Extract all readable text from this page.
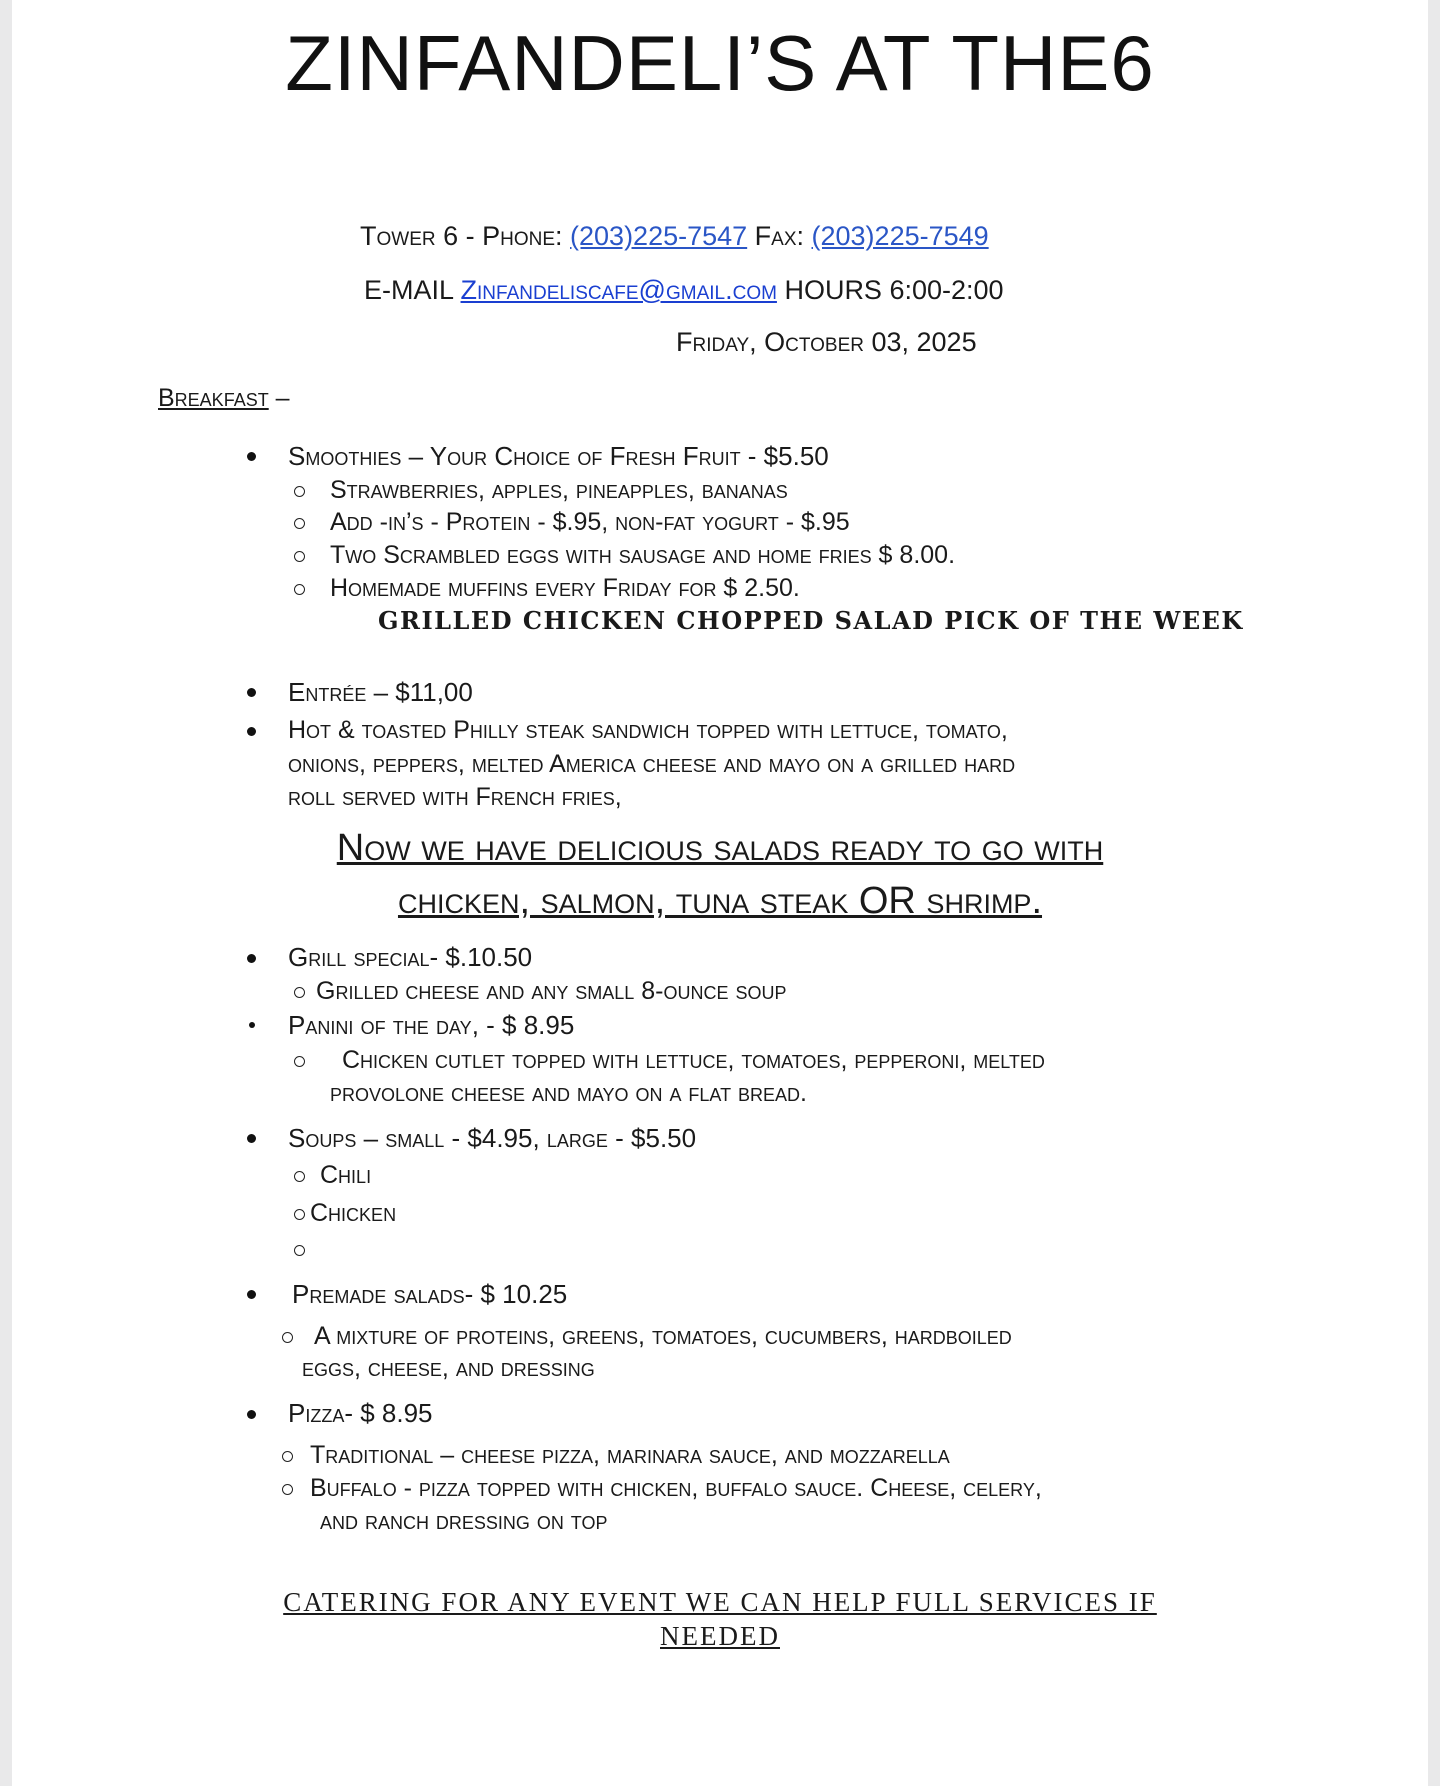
ZINFANDELI’S AT THE6
Tower 6 - Phone: (203)225-7547 Fax: (203)225-7549
E-MAIL Zinfandeliscafe@gmail.com HOURS 6:00-2:00
Friday, October 03, 2025
Breakfast –
Smoothies – Your Choice of Fresh Fruit - $5.50
Strawberries, apples, pineapples, bananas
Add -in’s - Protein - $.95, non-fat yogurt - $.95
Two Scrambled eggs with sausage and home fries $ 8.00.
Homemade muffins every Friday for $ 2.50.
GRILLED CHICKEN CHOPPED SALAD PICK OF THE WEEK
Entrée – $11,00
Hot & toasted Philly steak sandwich topped with lettuce, tomato,
onions, peppers, melted America cheese and mayo on a grilled hard
roll served with French fries,
Now we have delicious salads ready to go with
chicken, salmon, tuna steak OR shrimp.
Grill special- $.10.50
Grilled cheese and any small 8-ounce soup
Panini of the day, - $ 8.95
Chicken cutlet topped with lettuce, tomatoes, pepperoni, melted
provolone cheese and mayo on a flat bread.
Soups – small - $4.95, large - $5.50
Chili
Chicken
Premade salads- $ 10.25
A mixture of proteins, greens, tomatoes, cucumbers, hardboiled
eggs, cheese, and dressing
Pizza- $ 8.95
Traditional – cheese pizza, marinara sauce, and mozzarella
Buffalo - pizza topped with chicken, buffalo sauce. Cheese, celery,
and ranch dressing on top
CATERING FOR ANY EVENT WE CAN HELP FULL SERVICES IF
NEEDED
